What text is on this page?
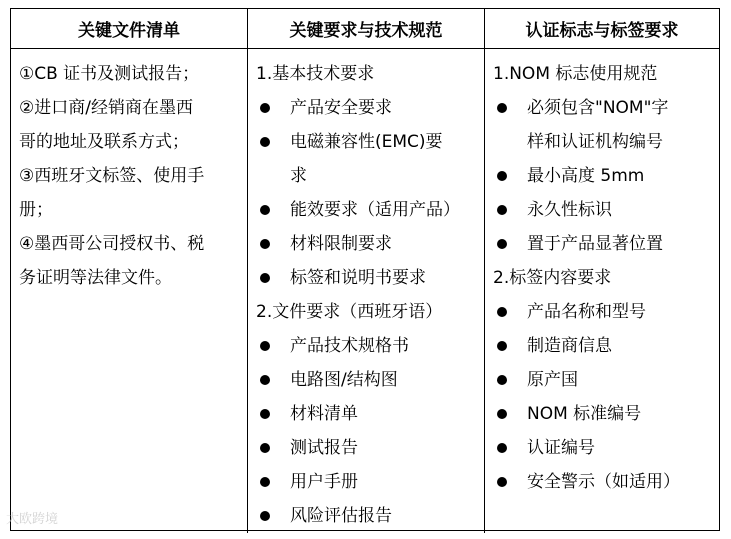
关键文件清单	关键要求与技术规范	认证标志与标签要求
①CB 证书及测试报告；
②进口商/经销商在墨西
哥的地址及联系方式；
③西班牙文标签、使用手
册；
④墨西哥公司授权书、税
务证明等法律文件。
1.基本技术要求
产品安全要求
电磁兼容性(EMC)要
求
能效要求（适用产品）
材料限制要求
标签和说明书要求
2.文件要求（西班牙语）
产品技术规格书
电路图/结构图
材料清单
测试报告
用户手册
风险评估报告
1.NOM 标志使用规范
必须包含"NOM"字
样和认证机构编号
最小高度 5mm
永久性标识
置于产品显著位置
2.标签内容要求
产品名称和型号
制造商信息
原产国
NOM 标准编号
认证编号
安全警示（如适用）
大欧跨境
